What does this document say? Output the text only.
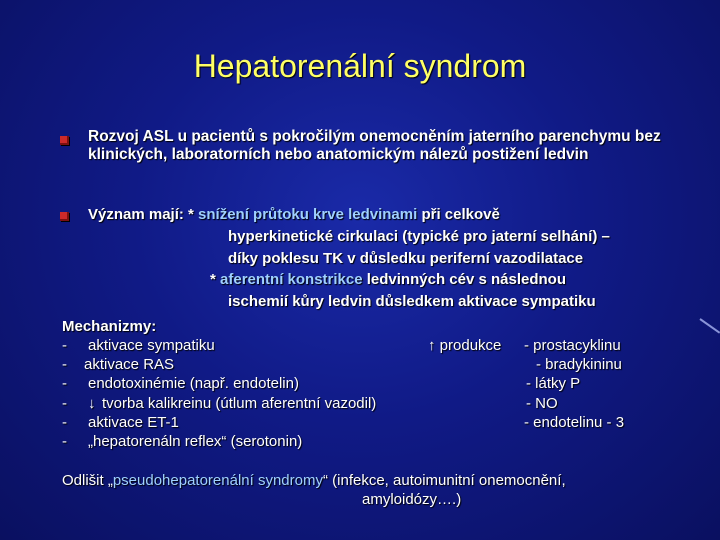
Hepatorenální syndrom
Rozvoj ASL u pacientů s pokročilým onemocněním jaterního parenchymu bez klinických, laboratorních nebo anatomickým nálezů postižení ledvin
Význam mají: * snížení průtoku krve ledvinami při celkově
hyperkinetické cirkulaci (typické pro jaterní selhání) –
díky poklesu TK v důsledku periferní vazodilatace
* aferentní konstrikce ledvinných cév s následnou
ischemií kůry ledvin důsledkem aktivace sympatiku
Mechanizmy:
- aktivace sympatiku
- aktivace RAS
- endotoxinémie (např. endotelin)
- ↓ tvorba kalikreinu (útlum aferentní vazodil)
- aktivace ET-1
- „hepatorenáln reflex“ (serotonin)
↑ produkce - prostacyklinu
- bradykininu
- látky P
- NO
- endotelinu - 3
Odlišit „pseudohepatorenální syndromy“ (infekce, autoimunitní onemocnění,
amyloidózy….)
